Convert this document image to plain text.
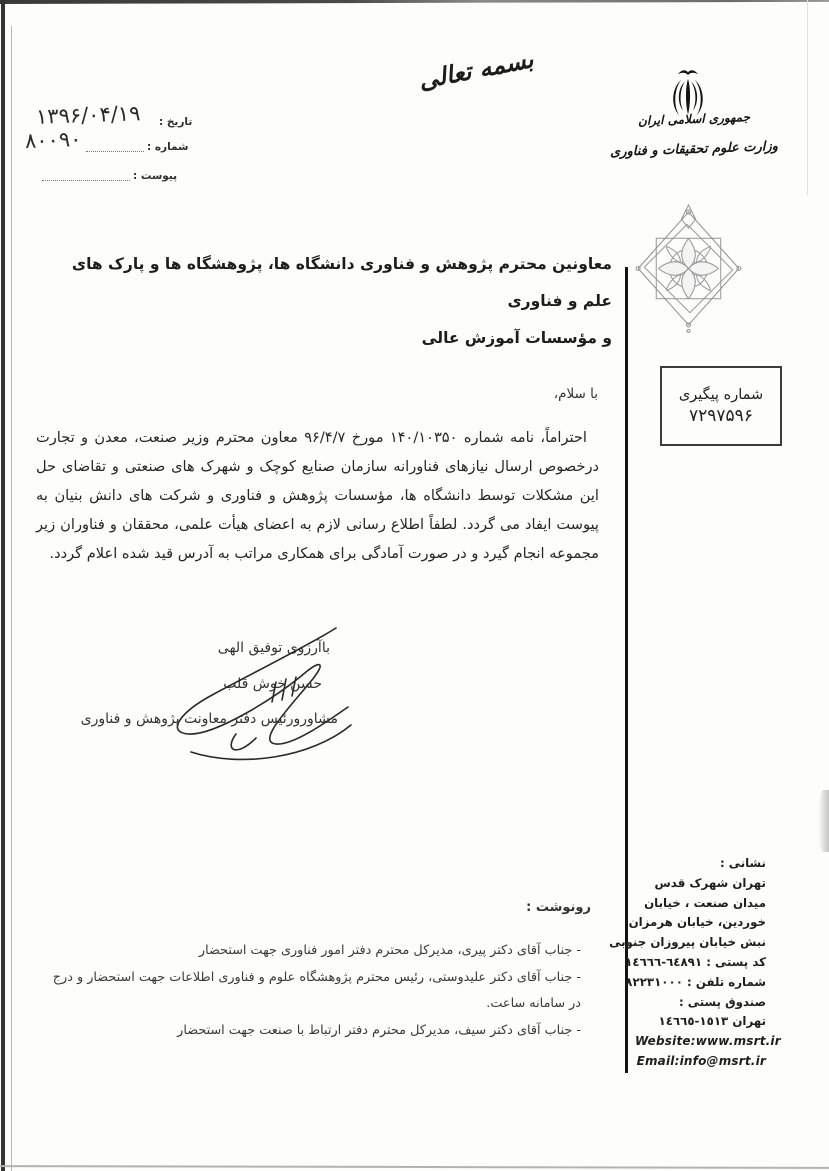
بسمه تعالی
جمهوری اسلامی ایران
وزارت علوم تحقیقات و فناوری
تاریخ :
۱۳۹۶/۰۴/۱۹
شماره :
۸۰۰۹۰
پیوست :
معاونین محترم پژوهش و فناوری دانشگاه ها، پژوهشگاه ها و پارک های علم و فناوری
و مؤسسات آموزش عالی
شماره پیگیری
۷۲۹۷۵۹۶
با سلام،
احتراماً، نامه شماره ۱۴۰/۱۰۳۵۰ مورخ ۹۶/۴/۷ معاون محترم وزیر صنعت، معدن و تجارت درخصوص ارسال نیازهای فناورانه سازمان صنایع کوچک و شهرک های صنعتی و تقاضای حل این مشکلات توسط دانشگاه ها، مؤسسات پژوهش و فناوری و شرکت های دانش بنیان به پیوست ایفاد می گردد. لطفاً اطلاع رسانی لازم به اعضای هیأت علمی، محققان و فناوران زیر مجموعه انجام گیرد و در صورت آمادگی برای همکاری مراتب به آدرس قید شده اعلام گردد.
باآرزوی توفیق الهی
حسن خوش قلب
مشاورورئیس دفتر معاونت پژوهش و فناوری
رونوشت :
- جناب آقای دکتر پیری، مدیرکل محترم دفتر امور فناوری جهت استحضار
- جناب آقای دکتر علیدوستی، رئیس محترم پژوهشگاه علوم و فناوری اطلاعات جهت استحضار و درج در سامانه ساعت.
- جناب آقای دکتر سیف، مدیرکل محترم دفتر ارتباط با صنعت جهت استحضار
نشانی :
تهران شهرک قدس
میدان صنعت ، خیابان
خوردین، خیابان هرمزان
نبش خیابان پیروزان جنوبی
کد پستی : ١٤٦٦٦-٦٤٨٩١
شماره تلفن : ٨٢٢٣١٠٠٠
صندوق پستی :
تهران ١٤٦٦٥-١٥١٣
Website:www.msrt.ir
Email:info@msrt.ir
